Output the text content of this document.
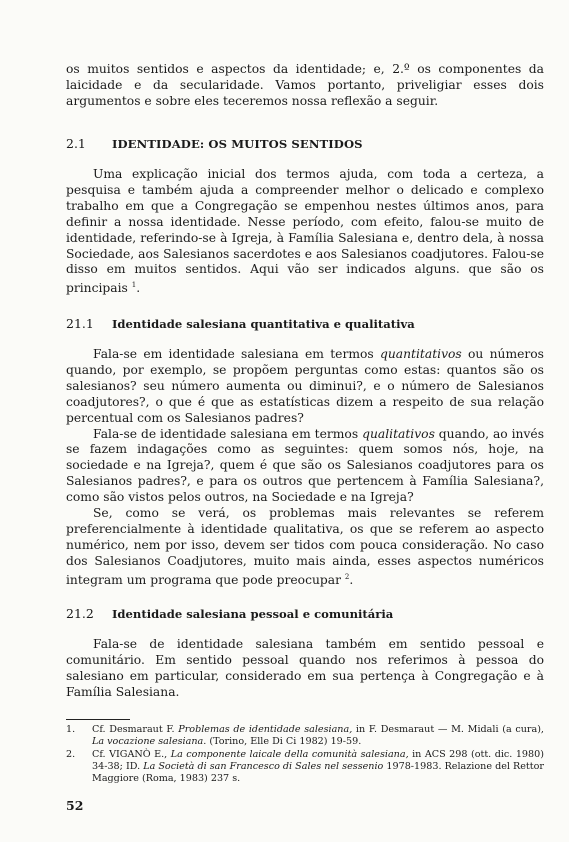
os muitos sentidos e aspectos da identidade; e, 2.º os componentes da laicidade e da secularidade. Vamos portanto, priveligiar esses dois argumentos e sobre eles teceremos nossa reflexão a seguir.

2.1 IDENTIDADE: OS MUITOS SENTIDOS

Uma explicação inicial dos termos ajuda, com toda a certeza, a pesquisa e também ajuda a compreender melhor o delicado e complexo trabalho em que a Congregação se empenhou nestes últimos anos, para definir a nossa identidade. Nesse período, com efeito, falou-se muito de identidade, referindo-se à Igreja, à Família Salesiana e, dentro dela, à nossa Sociedade, aos Salesianos sacerdotes e aos Salesianos coadjutores. Falou-se disso em muitos sentidos. Aqui vão ser indicados alguns. que são os principais $^1$.

21.1 Identidade salesiana quantitativa e qualitativa

Fala-se em identidade salesiana em termos quantitativos ou números quando, por exemplo, se propõem perguntas como estas: quantos são os salesianos? seu número aumenta ou diminui?, e o número de Salesianos coadjutores?, o que é que as estatísticas dizem a respeito de sua relação percentual com os Salesianos padres?

Fala-se de identidade salesiana em termos qualitativos quando, ao invés se fazem indagações como as seguintes: quem somos nós, hoje, na sociedade e na Igreja?, quem é que são os Salesianos coadjutores para os Salesianos padres?, e para os outros que pertencem à Família Salesiana?, como são vistos pelos outros, na Sociedade e na Igreja?

Se, como se verá, os problemas mais relevantes se referem preferencialmente à identidade qualitativa, os que se referem ao aspecto numérico, nem por isso, devem ser tidos com pouca consideração. No caso dos Salesianos Coadjutores, muito mais ainda, esses aspectos numéricos integram um programa que pode preocupar $^2$.

21.2 Identidade salesiana pessoal e comunitária

Fala-se de identidade salesiana também em sentido pessoal e comunitário. Em sentido pessoal quando nos referimos à pessoa do salesiano em particular, considerado em sua pertença à Congregação e à Família Salesiana.

1.	Cf. Desmaraut F. Problemas de identidade salesiana, in F. Desmaraut — M. Midali (a cura), La vocazione salesiana. (Torino, Elle Di Ci 1982) 19-59.
2.	Cf. VIGANÒ E., La componente laicale della comunità salesiana, in ACS 298 (ott. dic. 1980) 34-38; ID. La Società di san Francesco di Sales nel sessenio 1978-1983. Relazione del Rettor Maggiore (Roma, 1983) 237 s.
52
